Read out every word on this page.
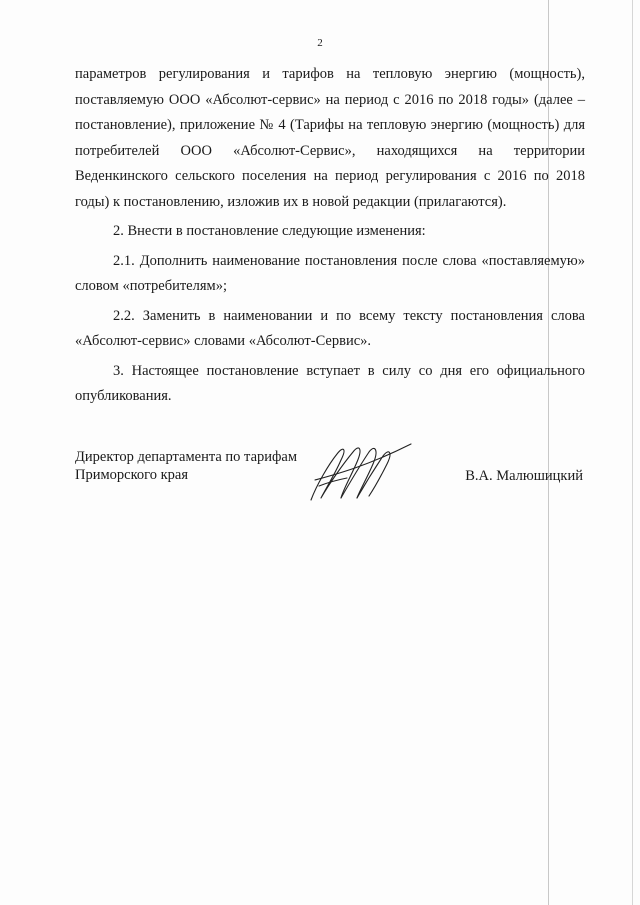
2

параметров регулирования и тарифов на тепловую энергию (мощность), поставляемую ООО «Абсолют-сервис» на период с 2016 по 2018 годы» (далее – постановление), приложение № 4 (Тарифы на тепловую энергию (мощность) для потребителей ООО «Абсолют-Сервис», находящихся на территории Веденкинского сельского поселения на период регулирования с 2016 по 2018 годы) к постановлению, изложив их в новой редакции (прилагаются).

2. Внести в постановление следующие изменения:

2.1. Дополнить наименование постановления после слова «поставляемую» словом «потребителям»;

2.2. Заменить в наименовании и по всему тексту постановления слова «Абсолют-сервис» словами «Абсолют-Сервис».

3. Настоящее постановление вступает в силу со дня его официального опубликования.

Директор департамента по тарифам
Приморского края	В.А. Малюшицкий
